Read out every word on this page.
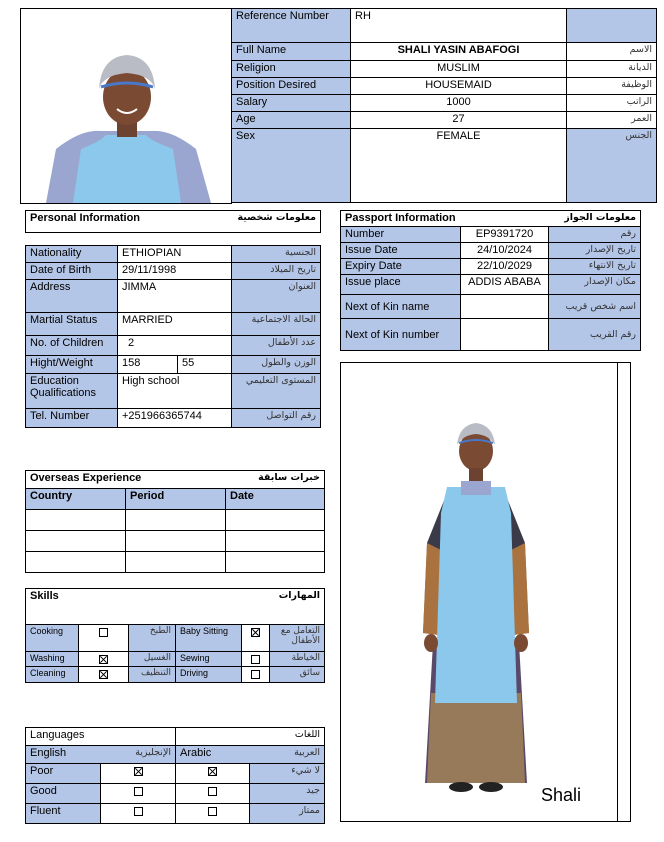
Reference Number	RH	
Full Name	SHALI YASIN ABAFOGI	الاسم
Religion	MUSLIM	الديانة
Position Desired	HOUSEMAID	الوظيفة
Salary	1000	الراتب
Age	27	العمر
Sex	FEMALE	الجنس
Personal Information		معلومات شخصية	

Nationality	ETHIOPIAN		الجنسية
Date of Birth	29/11/1998		تاريخ الميلاد
Address	JIMMA		العنوان
Martial Status	MARRIED		الحالة الاجتماعية
No. of Children	2		عدد الأطفال
Hight/Weight	158	55	الوزن والطول
Education Qualifications	High school		المستوى التعليمي
Tel. Number	+251966365744		رقم التواصل
Passport Information		معلومات الجواز
Number	EP9391720	رقم
Issue Date	24/10/2024	تاريخ الإصدار
Expiry Date	22/10/2029	تاريخ الانتهاء
Issue place	ADDIS ABABA	مكان الإصدار
Next of Kin name		اسم شخص قريب
Next of Kin number		رقم القريب
Shali
Overseas Experience		خبرات سابقة
Country	Period	Date

Skills			المهارات		

Cooking		الطبخ	Baby Sitting		التعامل مع الأطفال
Washing		الغسيل	Sewing		الخياطة
Cleaning		التنظيف	Driving		سائق
Languages		اللغات	
English	الإنجليزية	Arabic	العربية
Poor			لا شيء
Good			جيد
Fluent			ممتاز
